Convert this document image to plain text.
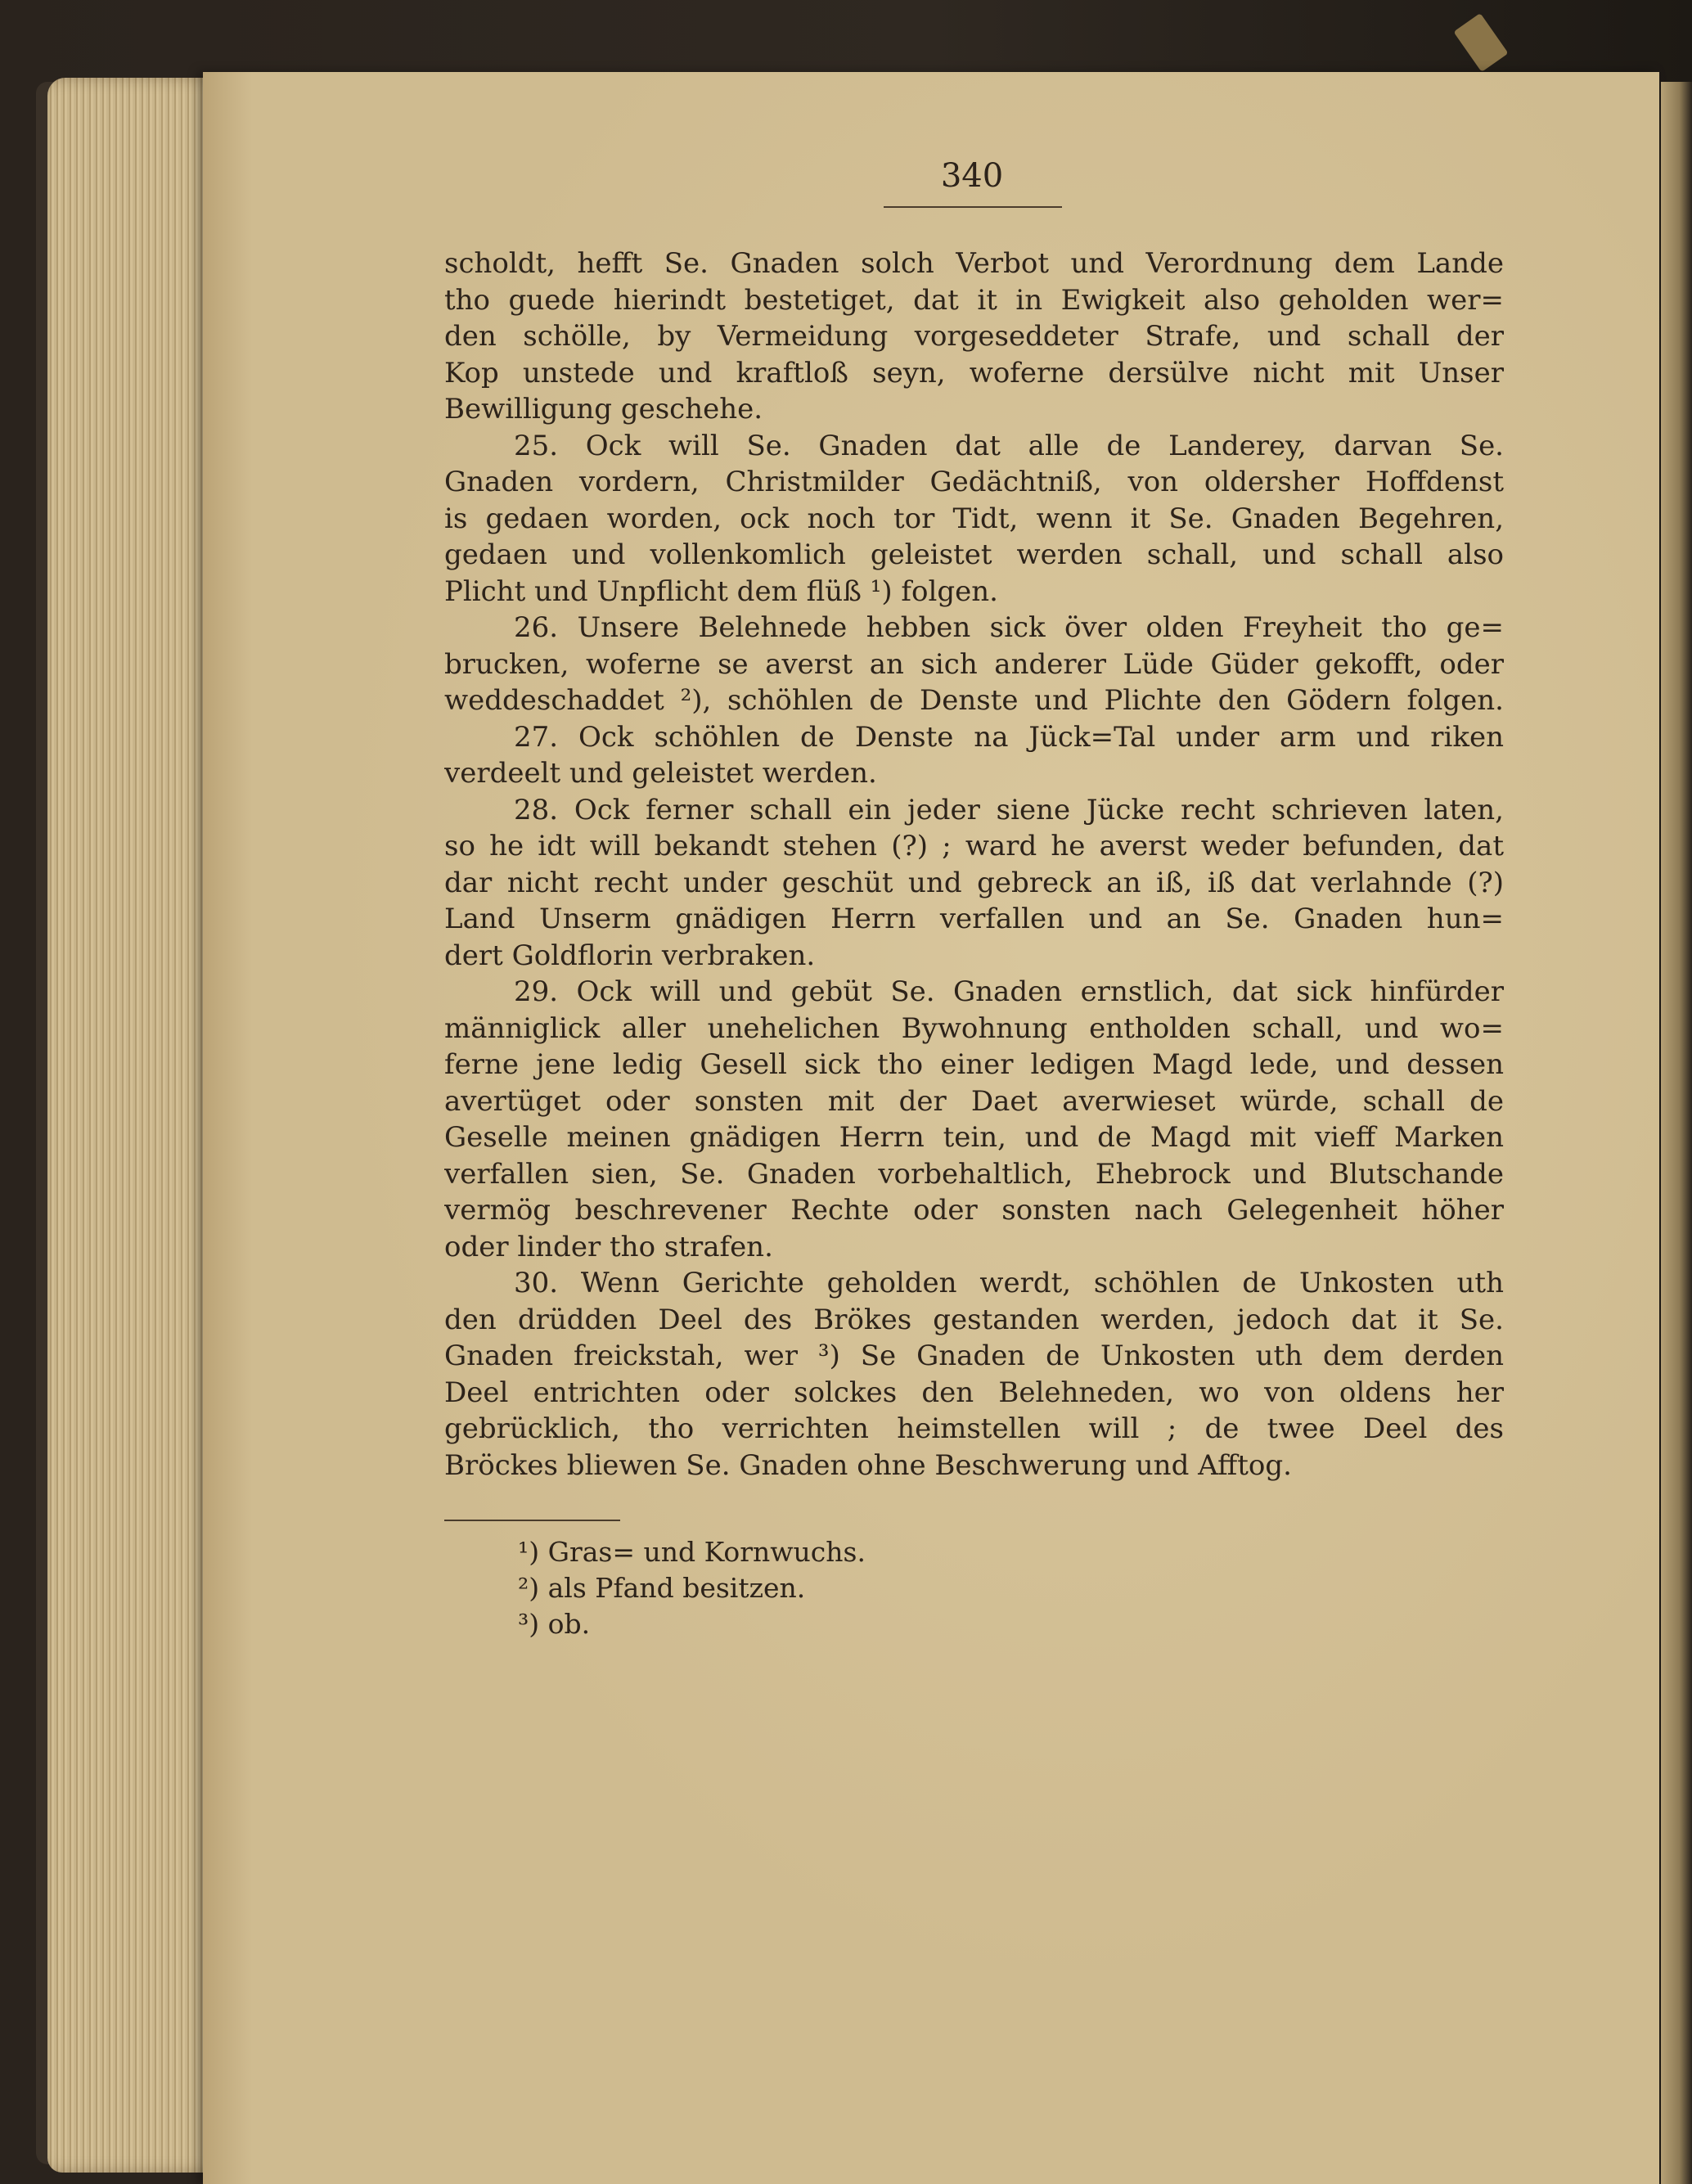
340
scholdt, hefft Se. Gnaden solch Verbot und Verordnung dem Lande
tho guede hierindt bestetiget, dat it in Ewigkeit also geholden wer=
den schölle, by Vermeidung vorgeseddeter Strafe, und schall der
Kop unstede und kraftloß seyn, woferne dersülve nicht mit Unser
Bewilligung geschehe.
25. Ock will Se. Gnaden dat alle de Landerey, darvan Se.
Gnaden vordern, Christmilder Gedächtniß, von oldersher Hoffdenst
is gedaen worden, ock noch tor Tidt, wenn it Se. Gnaden Begehren,
gedaen und vollenkomlich geleistet werden schall, und schall also
Plicht und Unpflicht dem flüß ¹) folgen.
26. Unsere Belehnede hebben sick över olden Freyheit tho ge=
brucken, woferne se averst an sich anderer Lüde Güder gekofft, oder
weddeschaddet ²), schöhlen de Denste und Plichte den Gödern folgen.
27. Ock schöhlen de Denste na Jück=Tal under arm und riken
verdeelt und geleistet werden.
28. Ock ferner schall ein jeder siene Jücke recht schrieven laten,
so he idt will bekandt stehen (?) ; ward he averst weder befunden, dat
dar nicht recht under geschüt und gebreck an iß, iß dat verlahnde (?)
Land Unserm gnädigen Herrn verfallen und an Se. Gnaden hun=
dert Goldflorin verbraken.
29. Ock will und gebüt Se. Gnaden ernstlich, dat sick hinfürder
männiglick aller unehelichen Bywohnung entholden schall, und wo=
ferne jene ledig Gesell sick tho einer ledigen Magd lede, und dessen
avertüget oder sonsten mit der Daet averwieset würde, schall de
Geselle meinen gnädigen Herrn tein, und de Magd mit vieff Marken
verfallen sien, Se. Gnaden vorbehaltlich, Ehebrock und Blutschande
vermög beschrevener Rechte oder sonsten nach Gelegenheit höher
oder linder tho strafen.
30. Wenn Gerichte geholden werdt, schöhlen de Unkosten uth
den drüdden Deel des Brökes gestanden werden, jedoch dat it Se.
Gnaden freickstah, wer ³) Se Gnaden de Unkosten uth dem derden
Deel entrichten oder solckes den Belehneden, wo von oldens her
gebrücklich, tho verrichten heimstellen will ; de twee Deel des
Bröckes bliewen Se. Gnaden ohne Beschwerung und Afftog.
¹) Gras= und Kornwuchs.
²) als Pfand besitzen.
³) ob.
